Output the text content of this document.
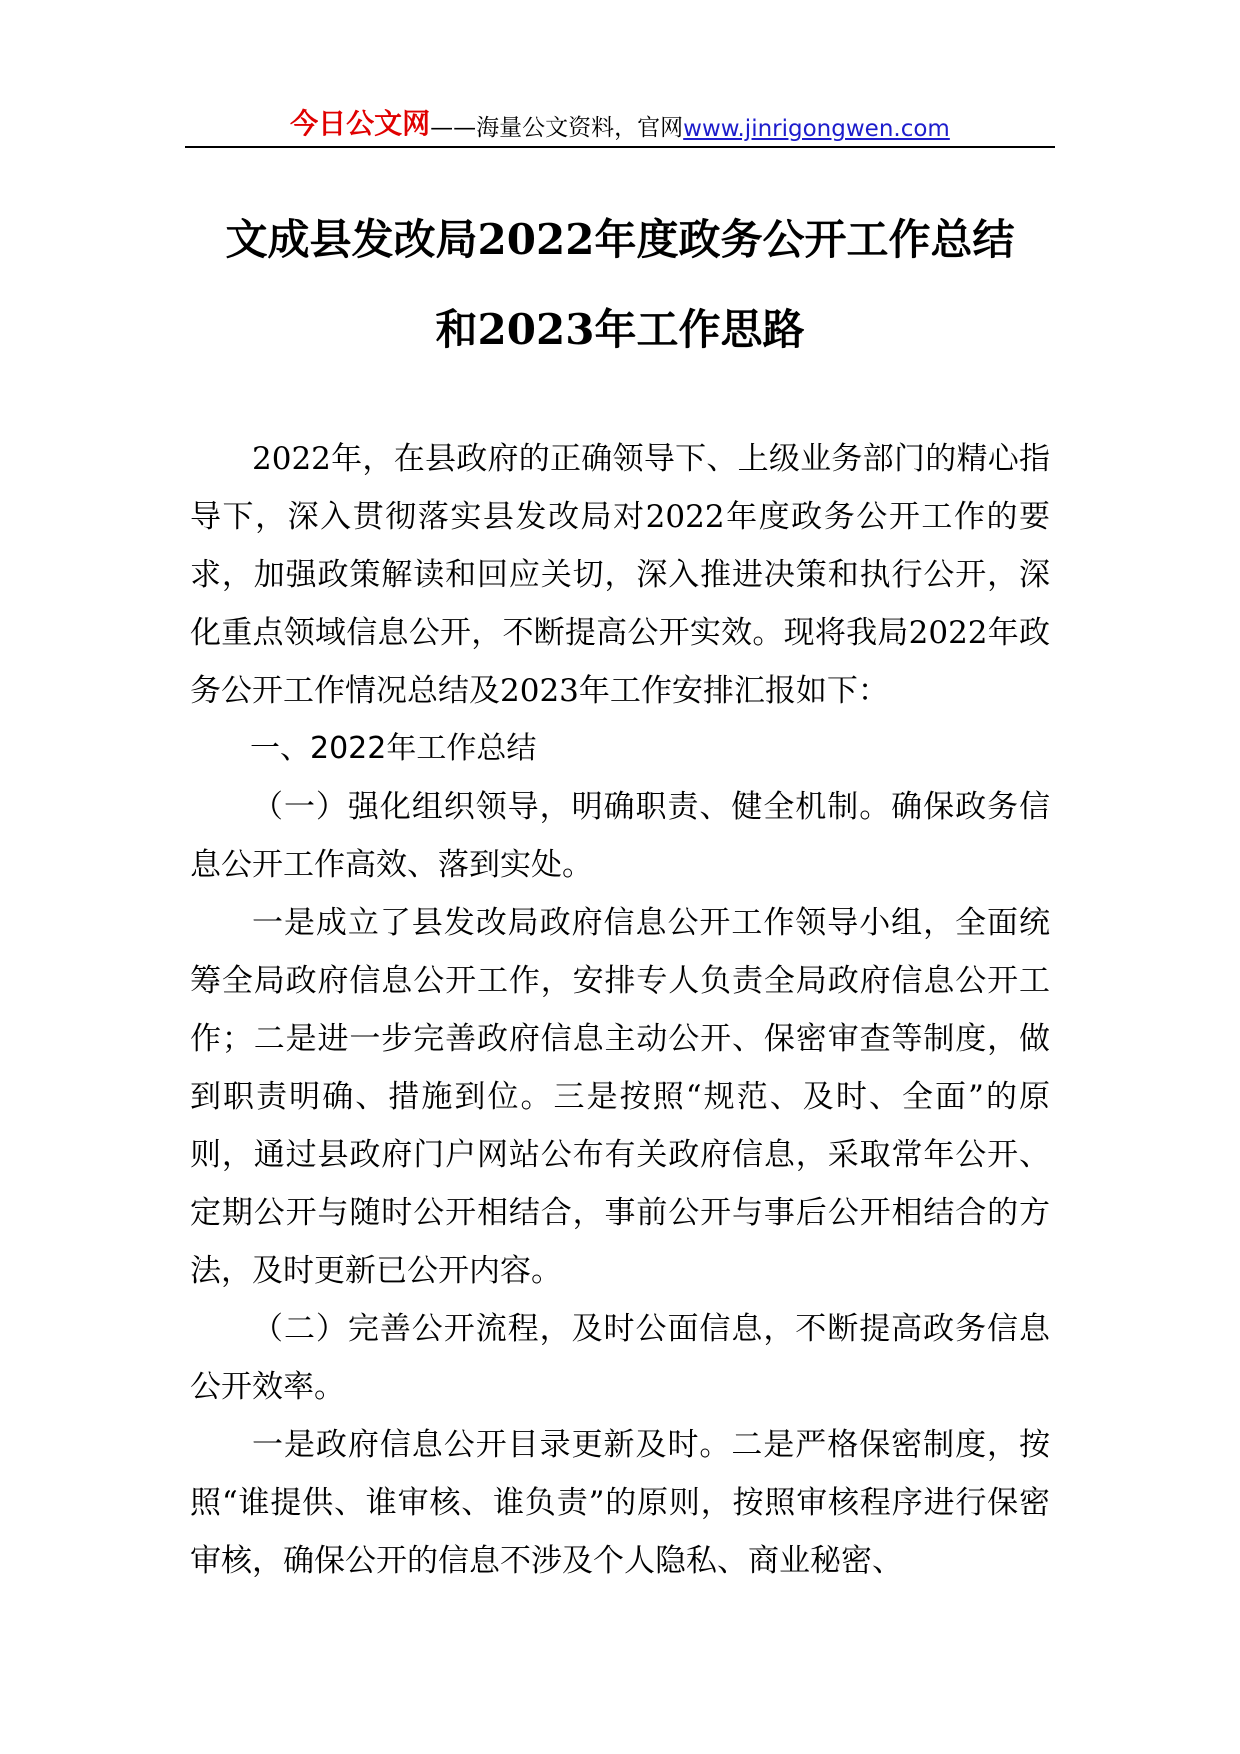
今日公文网 ——海量公文资料，官网 www.jinrigongwen.com
文成县发改局2022年度政务公开工作总结
和2023年工作思路

2022年，在县政府的正确领导下、上级业务部门的精心指导下，深入贯彻落实县发改局对2022年度政务公开工作的要求，加强政策解读和回应关切，深入推进决策和执行公开，深化重点领域信息公开，不断提高公开实效。现将我局2022年政务公开工作情况总结及2023年工作安排汇报如下：

一、2022年工作总结

（一）强化组织领导，明确职责、健全机制。确保政务信息公开工作高效、落到实处。

一是成立了县发改局政府信息公开工作领导小组，全面统筹全局政府信息公开工作，安排专人负责全局政府信息公开工作；二是进一步完善政府信息主动公开、保密审查等制度，做到职责明确、措施到位。三是按照“规范、及时、全面”的原则，通过县政府门户网站公布有关政府信息，采取常年公开、定期公开与随时公开相结合，事前公开与事后公开相结合的方法，及时更新已公开内容。

（二）完善公开流程，及时公面信息，不断提高政务信息公开效率。

一是政府信息公开目录更新及时。二是严格保密制度，按照“谁提供、谁审核、谁负责”的原则，按照审核程序进行保密审核，确保公开的信息不涉及个人隐私、商业秘密、
